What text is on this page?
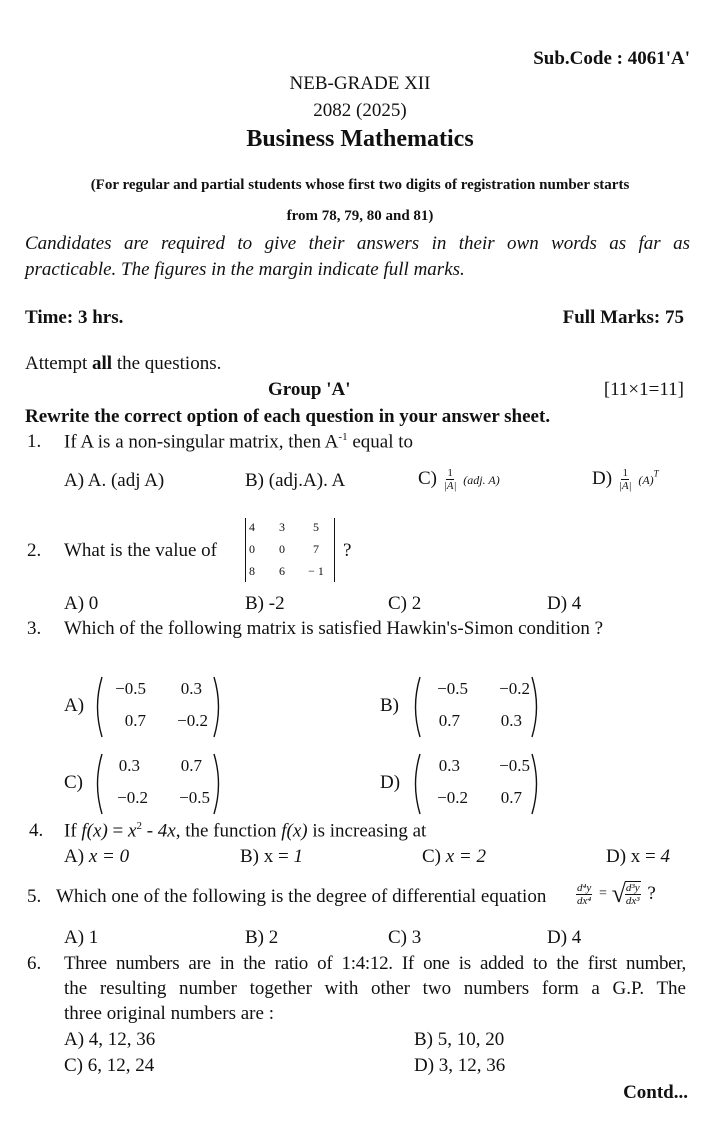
Sub.Code : 4061'A'
NEB-GRADE XII
2082 (2025)
Business Mathematics
(For regular and partial students whose first two digits of registration number starts
from 78, 79, 80 and 81)
Candidates are required to give their answers in their own words as far as
practicable. The figures in the margin indicate full marks.
Time: 3 hrs.	Full Marks: 75
Attempt all the questions.
Group 'A'	[11×1=11]
Rewrite the correct option of each question in your answer sheet.
1. If A is a non-singular matrix, then $A^{-1}$ equal to
A) A. (adj A)	B) (adj.A). A	$C) \frac{1}{|A|} (adj$. A)	$D) \frac{1}{|A|} (A)^T$
2. What is the value of
4	3	5
0	0	7
8	6	− 1
?
A) 0	B) -2	C) 2	D) 4
3. Which of the following matrix is satisfied Hawkin's-Simon condition ?
A)
−0.5	0.3
0.7	−0.2
B)
−0.5	−0.2
0.7	0.3
C)
0.3	0.7
−0.2	−0.5
D)
0.3	−0.5
−0.2	0.7
4. If $f(x) = x^2 - 4x$, the function f(x) is increasing at
A) x = 0	B) x = 1	C) x = 2	D) x = 4
5. Which one of the following is the degree of differential equation	$\frac{\text{d⁴y}}{\text{dx⁴}}$ = √ $\frac{\text{d³y}}{\text{dx³}}$ ?
A) 1	B) 2	C) 3	D) 4
6. Three numbers are in the ratio of 1:4:12. If one is added to the first number,
the resulting number together with other two numbers form a G.P. The
three original numbers are :
A) 4, 12, 36	B) 5, 10, 20
C) 6, 12, 24	D) 3, 12, 36
Contd...
